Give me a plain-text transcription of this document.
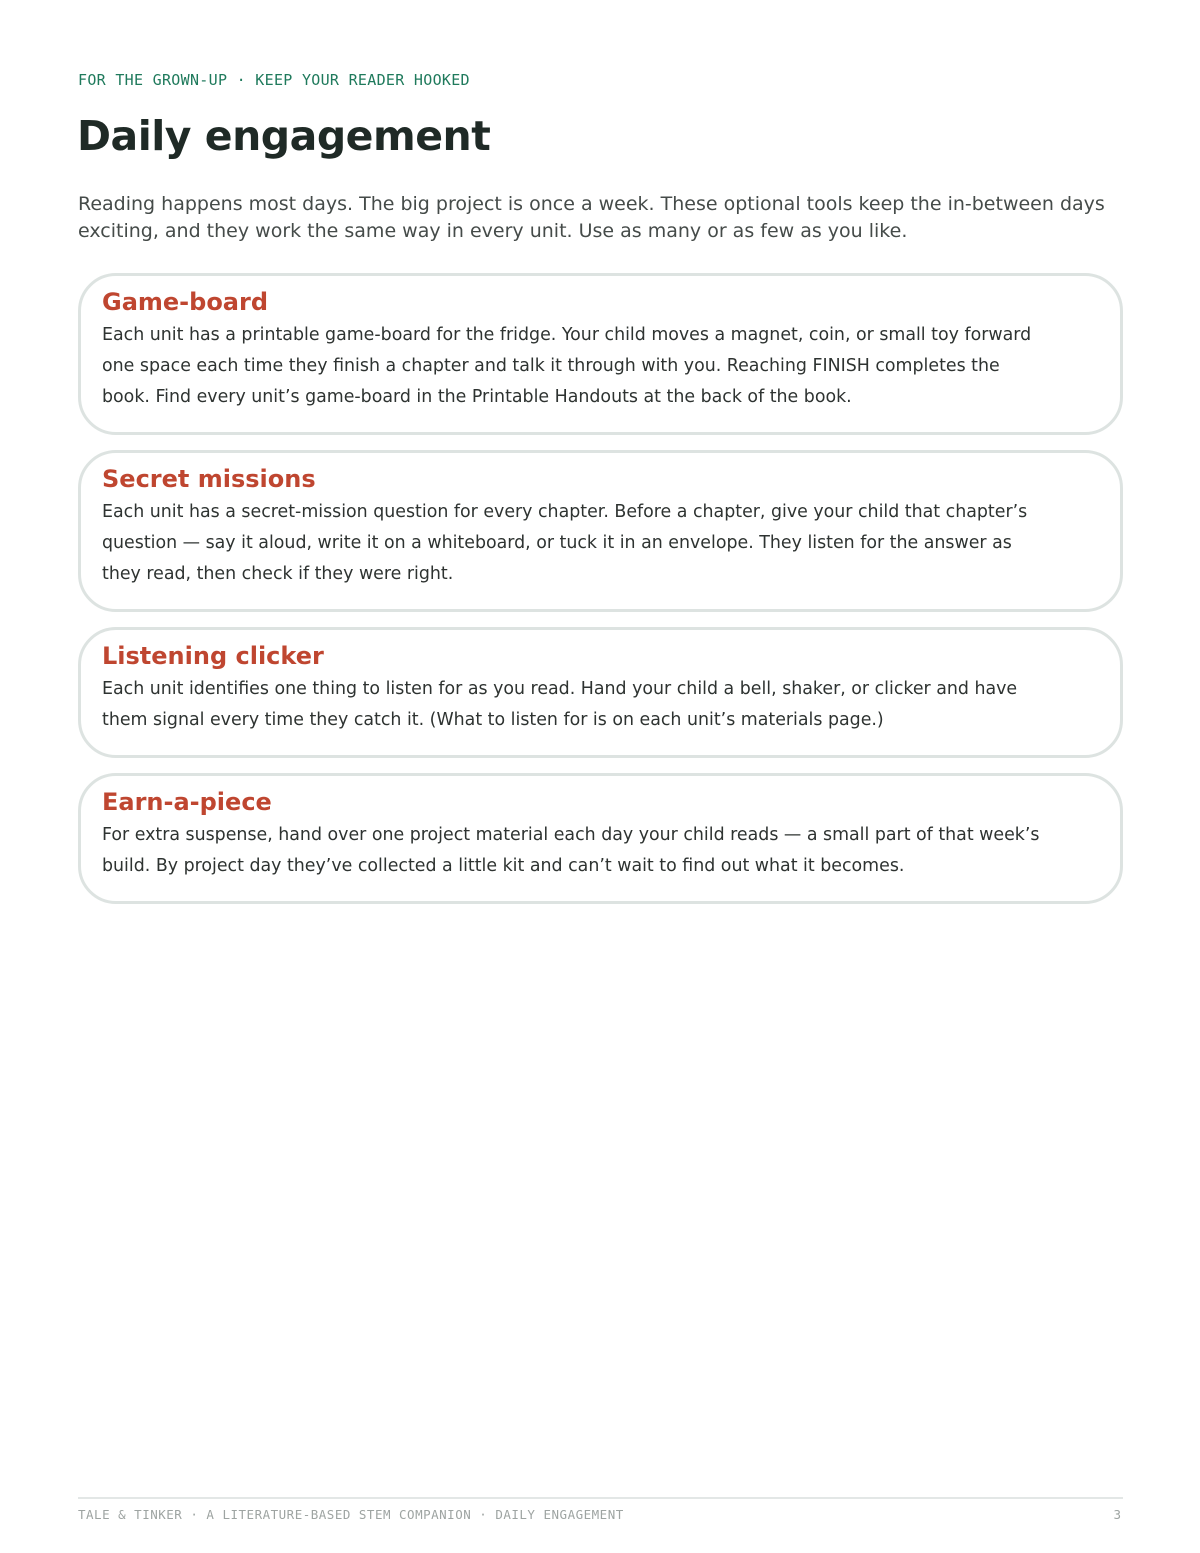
FOR THE GROWN-UP · KEEP YOUR READER HOOKED
Daily engagement

Reading happens most days. The big project is once a week. These optional tools keep the in-between days exciting, and they work the same way in every unit. Use as many or as few as you like.

Game-board
Each unit has a printable game-board for the fridge. Your child moves a magnet, coin, or small toy forward one space each time they finish a chapter and talk it through with you. Reaching FINISH completes the book. Find every unit’s game-board in the Printable Handouts at the back of the book.
Secret missions
Each unit has a secret-mission question for every chapter. Before a chapter, give your child that chapter’s question — say it aloud, write it on a whiteboard, or tuck it in an envelope. They listen for the answer as they read, then check if they were right.
Listening clicker
Each unit identifies one thing to listen for as you read. Hand your child a bell, shaker, or clicker and have them signal every time they catch it. (What to listen for is on each unit’s materials page.)
Earn-a-piece
For extra suspense, hand over one project material each day your child reads — a small part of that week’s build. By project day they’ve collected a little kit and can’t wait to find out what it becomes.
TALE & TINKER · A LITERATURE-BASED STEM COMPANION · DAILY ENGAGEMENT	3
